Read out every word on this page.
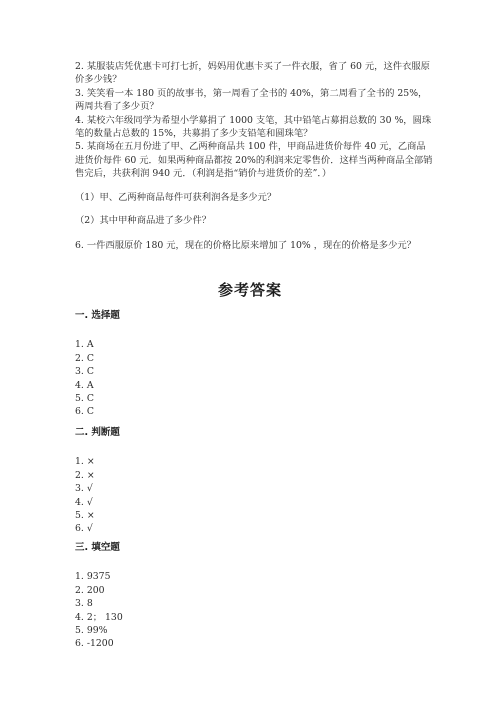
2. 某服装店凭优惠卡可打七折，妈妈用优惠卡买了一件衣服，省了 60 元，这件衣服原价多少钱？

3. 笑笑看一本 180 页的故事书，第一周看了全书的 40%，第二周看了全书的 25%，两周共看了多少页？

4. 某校六年级同学为希望小学募捐了 1000 支笔，其中铅笔占募捐总数的 30 %，圆珠笔的数量占总数的 15%，共募捐了多少支铅笔和圆珠笔？

5. 某商场在五月份进了甲、乙两种商品共 100 件，甲商品进货价每件 40 元，乙商品进货价每件 60 元．如果两种商品都按 20%的利润来定零售价．这样当两种商品全部销售完后，共获利润 940 元．（利润是指“销价与进货价的差”．）

（1）甲、乙两种商品每件可获利润各是多少元？

（2）其中甲种商品进了多少件？

6. 一件西服原价 180 元，现在的价格比原来增加了 10% ，现在的价格是多少元？

参考答案

一. 选择题

1. A

2. C

3. C

4. A

5. C

6. C

二. 判断题

1. ×

2. ×

3. √

4. √

5. ×

6. √

三. 填空题

1. 9375

2. 200

3. 8

4. 2； 130

5. 99%

6. -1200
